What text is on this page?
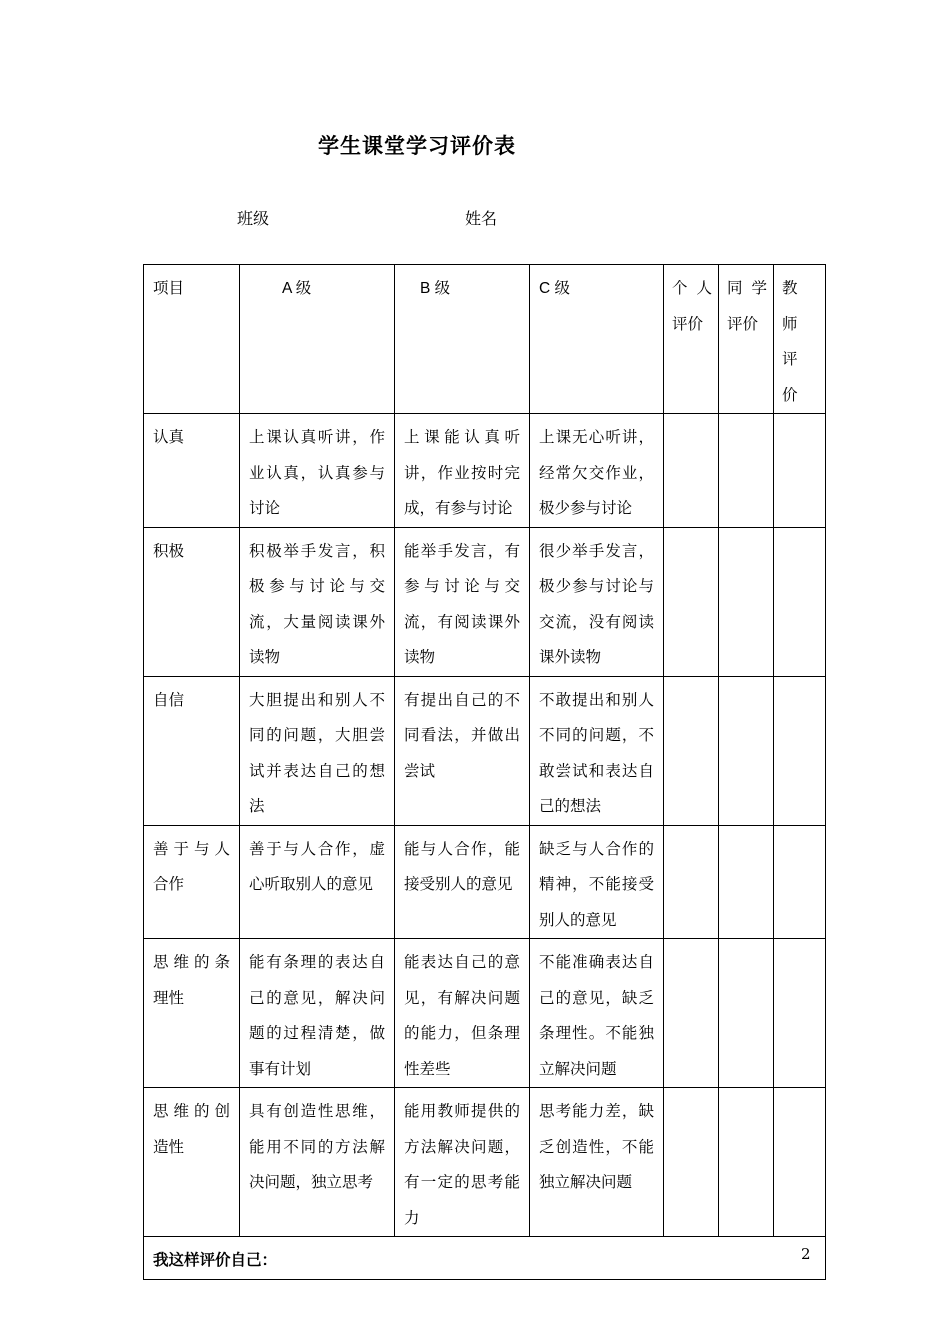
学生课堂学习评价表
班级	姓名
项目	A 级	B 级	C 级	个 人 评价	同 学 评价	教 师 评 价
认真	上课认真听讲，作业认真，认真参与讨论	上课能认真听讲，作业按时完成，有参与讨论	上课无心听讲，经常欠交作业，极少参与讨论			
积极	积极举手发言，积极参与讨论与交流，大量阅读课外读物	能举手发言，有参与讨论与交流，有阅读课外读物	很少举手发言，极少参与讨论与交流，没有阅读课外读物			
自信	大胆提出和别人不同的问题，大胆尝试并表达自己的想法	有提出自己的不同看法，并做出尝试	不敢提出和别人不同的问题，不敢尝试和表达自己的想法			
善于与人合作	善于与人合作，虚心听取别人的意见	能与人合作，能接受别人的意见	缺乏与人合作的精神，不能接受别人的意见			
思维的条理性	能有条理的表达自己的意见，解决问题的过程清楚，做事有计划	能表达自己的意见，有解决问题的能力，但条理性差些	不能准确表达自己的意见，缺乏条理性。不能独立解决问题			
思维的创造性	具有创造性思维，能用不同的方法解决问题，独立思考	能用教师提供的方法解决问题，有一定的思考能力	思考能力差，缺乏创造性，不能独立解决问题			
我这样评价自己：							2
